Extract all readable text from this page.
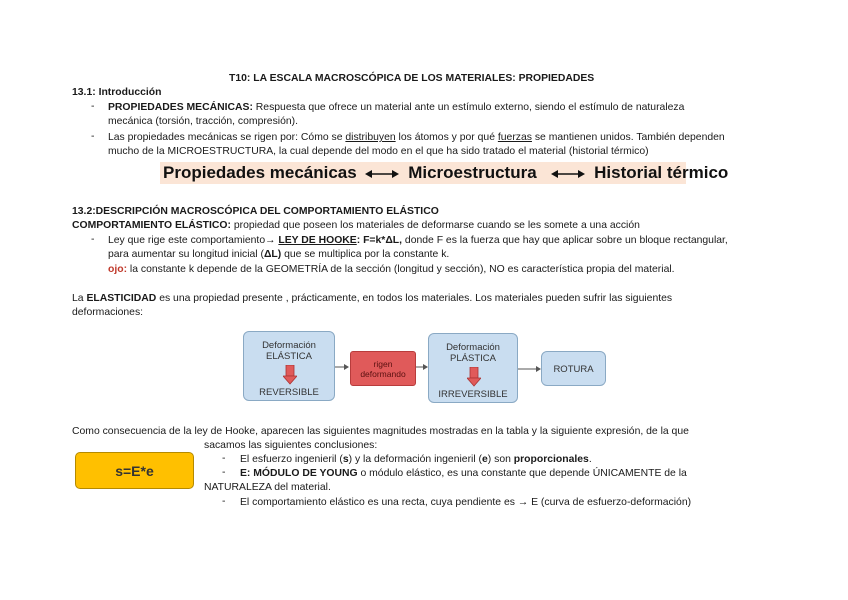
T10: LA ESCALA MACROSCÓPICA DE LOS MATERIALES: PROPIEDADES
13.1: Introducción
- PROPIEDADES MECÁNICAS: Respuesta que ofrece un material ante un estímulo externo, siendo el estímulo de naturaleza
mecánica (torsión, tracción, compresión).
- Las propiedades mecánicas se rigen por: Cómo se distribuyen los átomos y por qué fuerzas se mantienen unidos. También dependen
mucho de la MICROESTRUCTURA, la cual depende del modo en el que ha sido tratado el material (historial térmico)
Propiedades mecánicas	Microestructura	Historial térmico
13.2:DESCRIPCIÓN MACROSCÓPICA DEL COMPORTAMIENTO ELÁSTICO
COMPORTAMIENTO ELÁSTICO: propiedad que poseen los materiales de deformarse cuando se les somete a una acción
- Ley que rige este comportamiento→ LEY DE HOOKE: F=k*ΔL, donde F es la fuerza que hay que aplicar sobre un bloque rectangular,
para aumentar su longitud inicial (ΔL) que se multiplica por la constante k.
ojo: la constante k depende de la GEOMETRÍA de la sección (longitud y sección), NO es característica propia del material.
La ELASTICIDAD es una propiedad presente , prácticamente, en todos los materiales. Los materiales pueden sufrir las siguientes
deformaciones:
Deformación
ELÁSTICA
REVERSIBLE
rigen
deformando
Deformación
PLÁSTICA
IRREVERSIBLE
ROTURA
Como consecuencia de la ley de Hooke, aparecen las siguientes magnitudes mostradas en la tabla y la siguiente expresión, de la que
sacamos las siguientes conclusiones:
s=E*e
- El esfuerzo ingenieril (s) y la deformación ingenieril (e) son proporcionales.
- E: MÓDULO DE YOUNG o módulo elástico, es una constante que depende ÚNICAMENTE de la
NATURALEZA del material.
- El comportamiento elástico es una recta, cuya pendiente es → E (curva de esfuerzo-deformación)
